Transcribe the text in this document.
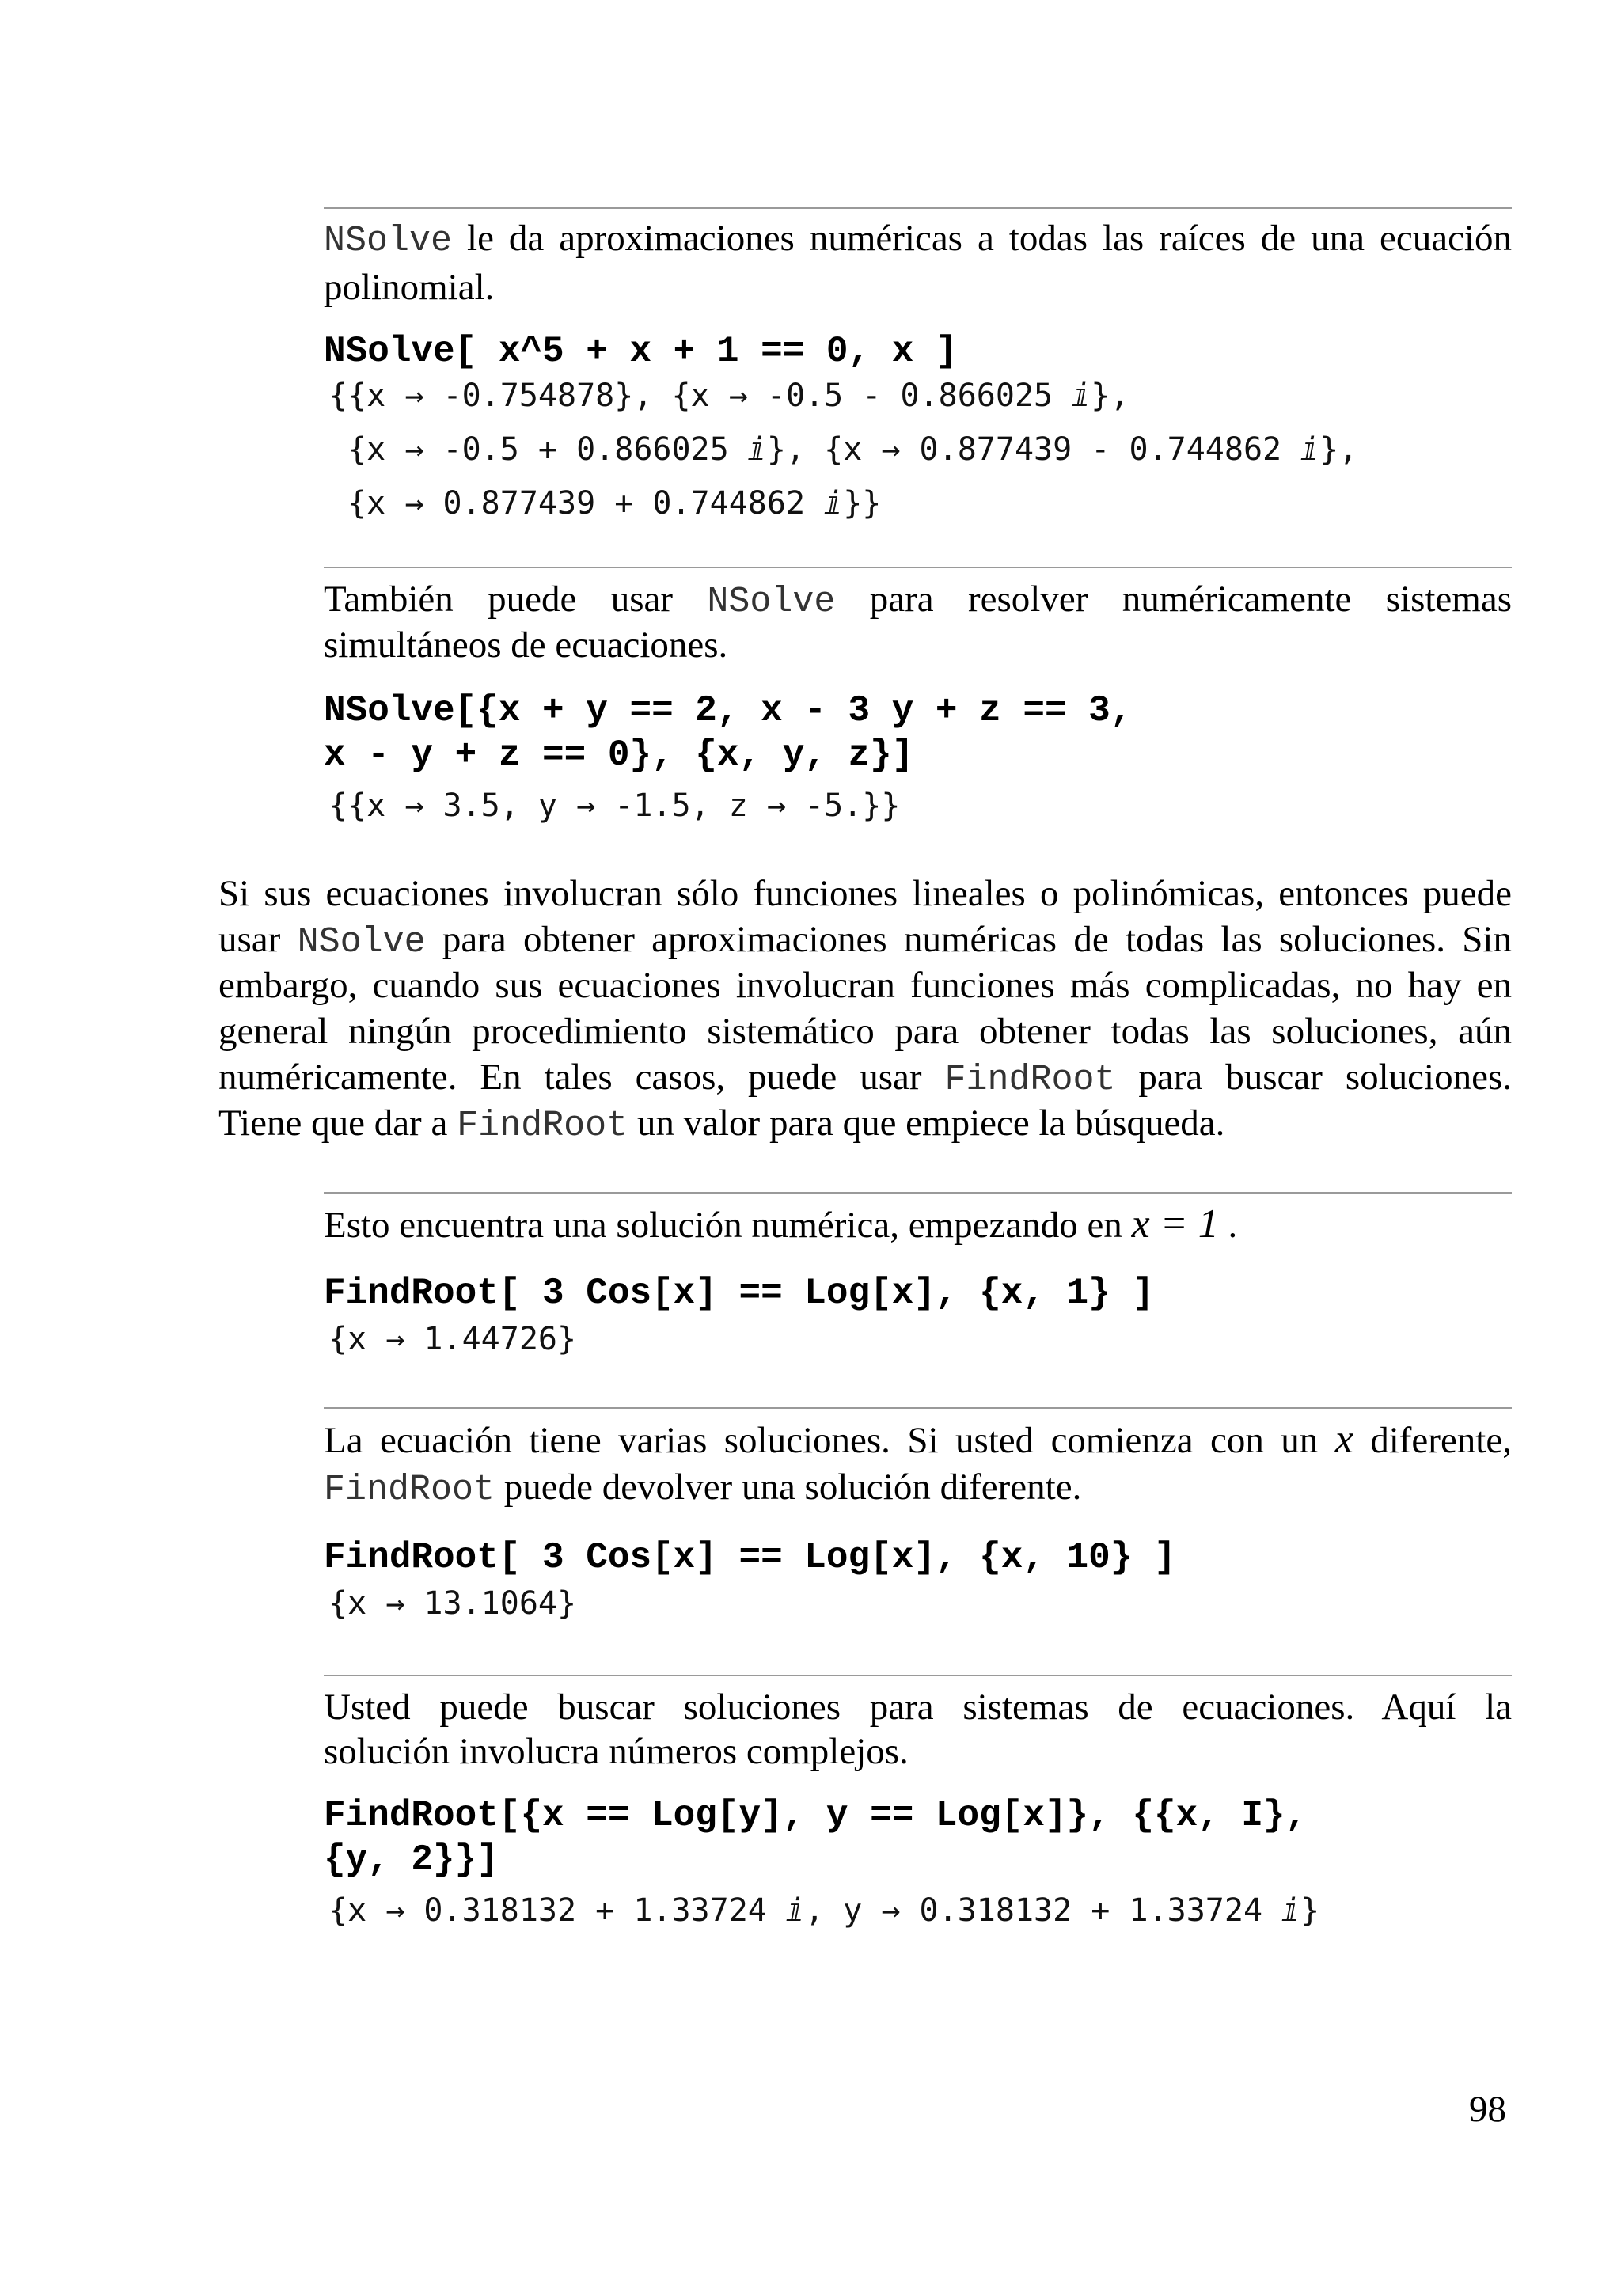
NSolve le da aproximaciones numéricas a todas las raíces de una ecuación polinomial.
NSolve[ x^5 + x + 1 == 0, x ]
{{x → -0.754878}, {x → -0.5 - 0.866025 ⅈ},
{x → -0.5 + 0.866025 ⅈ}, {x → 0.877439 - 0.744862 ⅈ},
{x → 0.877439 + 0.744862 ⅈ}}
También puede usar NSolve para resolver numéricamente sistemas
simultáneos de ecuaciones.
NSolve[{x + y == 2, x - 3 y + z == 3,
x - y + z == 0}, {x, y, z}]
{{x → 3.5, y → -1.5, z → -5.}}
Si sus ecuaciones involucran sólo funciones lineales o polinómicas, entonces puede
usar NSolve para obtener aproximaciones numéricas de todas las soluciones. Sin
embargo, cuando sus ecuaciones involucran funciones más complicadas, no hay en
general ningún procedimiento sistemático para obtener todas las soluciones, aún
numéricamente. En tales casos, puede usar FindRoot para buscar soluciones.
Tiene que dar a FindRoot un valor para que empiece la búsqueda.
Esto encuentra una solución numérica, empezando en x = 1 .
FindRoot[ 3 Cos[x] == Log[x], {x, 1} ]
{x → 1.44726}
La ecuación tiene varias soluciones. Si usted comienza con un x diferente,
FindRoot puede devolver una solución diferente.
FindRoot[ 3 Cos[x] == Log[x], {x, 10} ]
{x → 13.1064}
Usted puede buscar soluciones para sistemas de ecuaciones. Aquí la
solución involucra números complejos.
FindRoot[{x == Log[y], y == Log[x]}, {{x, I},
{y, 2}}]
{x → 0.318132 + 1.33724 ⅈ, y → 0.318132 + 1.33724 ⅈ}
98
